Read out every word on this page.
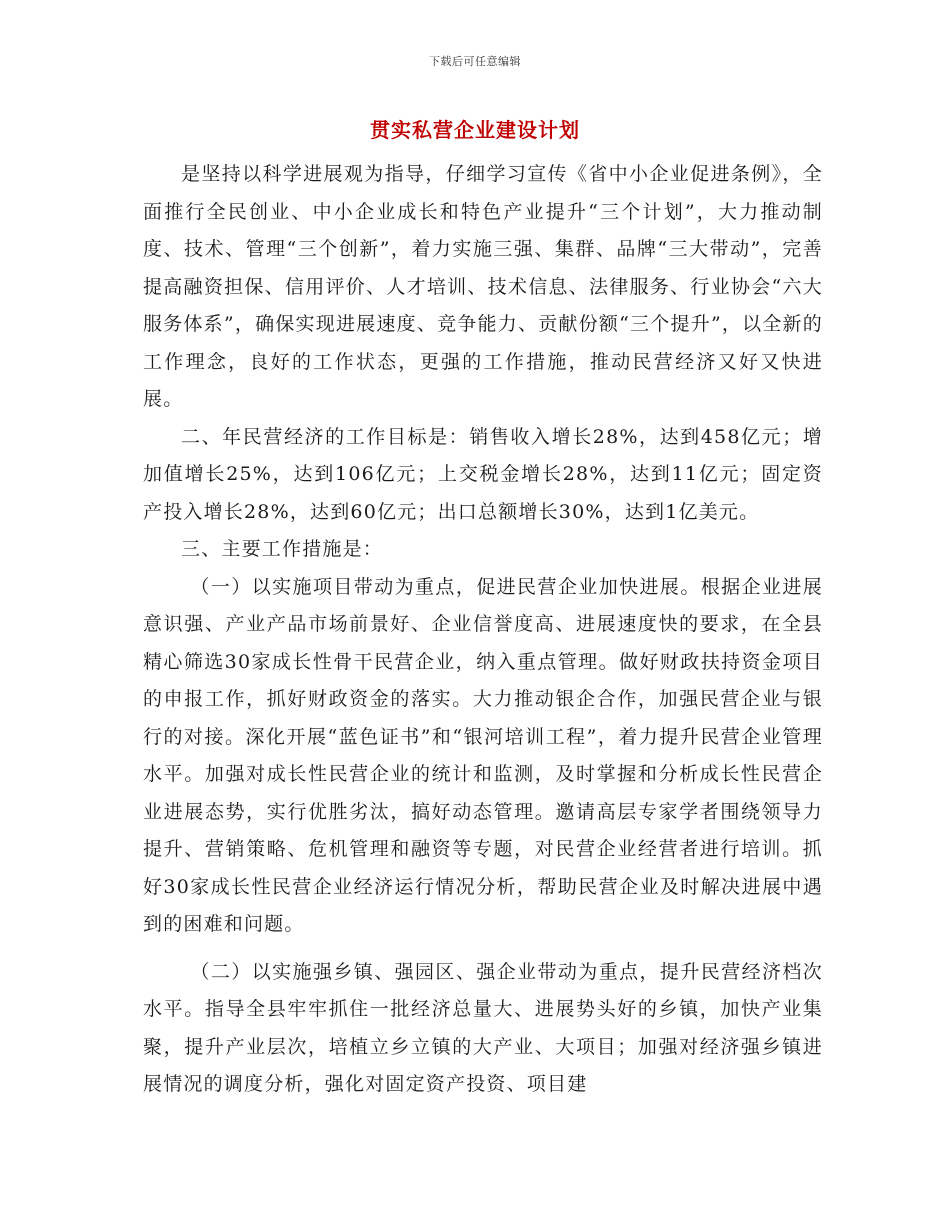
下载后可任意编辑
贯实私营企业建设计划

是坚持以科学进展观为指导，仔细学习宣传《省中小企业促进条例》，全面推行全民创业、中小企业成长和特色产业提升“三个计划”，大力推动制度、技术、管理“三个创新”，着力实施三强、集群、品牌“三大带动”，完善提高融资担保、信用评价、人才培训、技术信息、法律服务、行业协会“六大服务体系”，确保实现进展速度、竞争能力、贡献份额“三个提升”，以全新的工作理念，良好的工作状态，更强的工作措施，推动民营经济又好又快进展。

二、年民营经济的工作目标是：销售收入增长28%，达到458亿元；增加值增长25%，达到106亿元；上交税金增长28%，达到11亿元；固定资产投入增长28%，达到60亿元；出口总额增长30%，达到1亿美元。

三、主要工作措施是：

（一）以实施项目带动为重点，促进民营企业加快进展。根据企业进展意识强、产业产品市场前景好、企业信誉度高、进展速度快的要求，在全县精心筛选30家成长性骨干民营企业，纳入重点管理。做好财政扶持资金项目的申报工作，抓好财政资金的落实。大力推动银企合作，加强民营企业与银行的对接。深化开展“蓝色证书”和“银河培训工程”，着力提升民营企业管理水平。加强对成长性民营企业的统计和监测，及时掌握和分析成长性民营企业进展态势，实行优胜劣汰，搞好动态管理。邀请高层专家学者围绕领导力提升、营销策略、危机管理和融资等专题，对民营企业经营者进行培训。抓好30家成长性民营企业经济运行情况分析，帮助民营企业及时解决进展中遇到的困难和问题。

（二）以实施强乡镇、强园区、强企业带动为重点，提升民营经济档次水平。指导全县牢牢抓住一批经济总量大、进展势头好的乡镇，加快产业集聚，提升产业层次，培植立乡立镇的大产业、大项目；加强对经济强乡镇进展情况的调度分析，强化对固定资产投资、项目建
